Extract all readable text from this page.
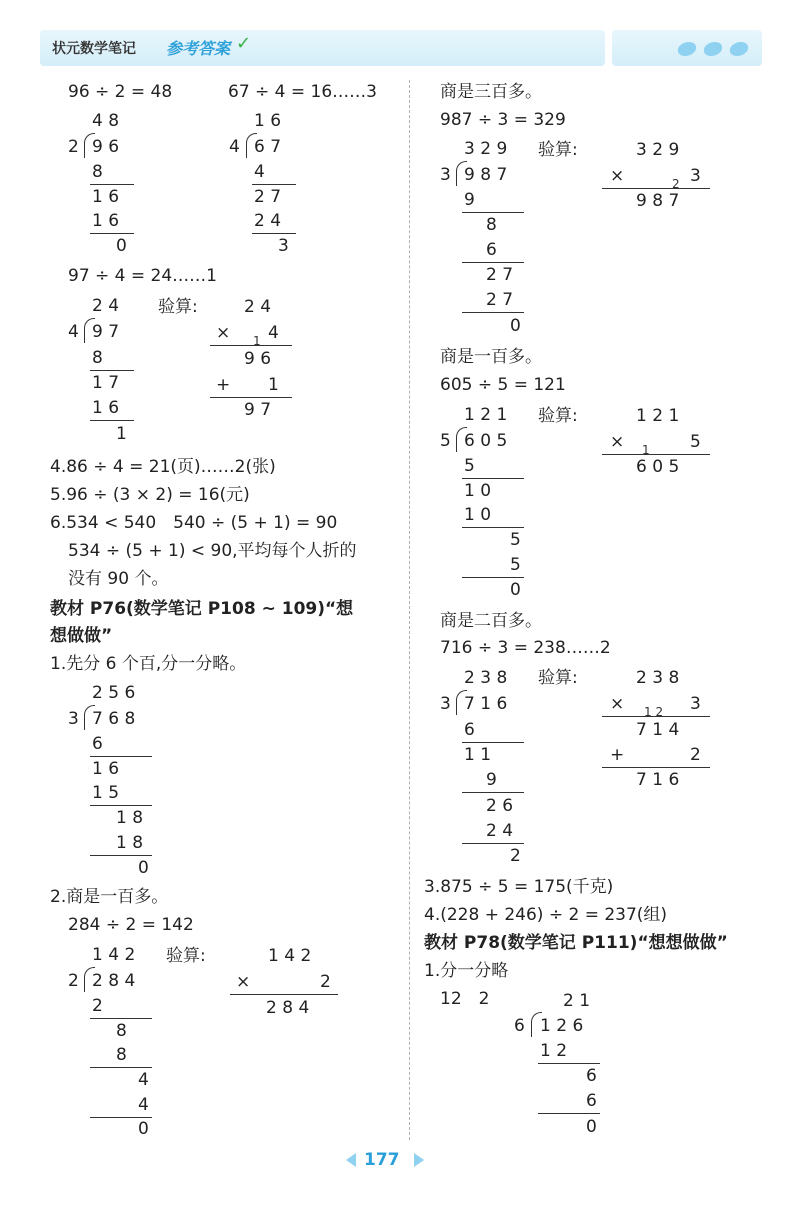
状元数学笔记 参考答案 ✓
96 ÷ 2 = 48	67 ÷ 4 = 16……3
4 8
2 9 6
8
1 6
1 6
0
1 6
4 6 7
4
2 7
2 4
3
97 ÷ 4 = 24……1
2 4
4 9 7
8
1 7
1 6
1
验算:	2 4
× 1 4
9 6
+ 1
9 7
4.86 ÷ 4 = 21(页)……2(张)
5.96 ÷ (3 × 2) = 16(元)
6.534 < 540　540 ÷ (5 + 1) = 90
534 ÷ (5 + 1) < 90,平均每个人折的
没有 90 个。
教材 P76(数学笔记 P108 ~ 109)“想
想做做”
1.先分 6 个百,分一分略。
2 5 6
3 7 6 8
6
1 6
1 5
1 8
1 8
0
2.商是一百多。
284 ÷ 2 = 142
1 4 2
2 2 8 4
2
8
8
4
4
0
验算:	1 4 2
×	2
2 8 4
商是三百多。
987 ÷ 3 = 329
3 2 9
3 9 8 7
9
8
6
2 7
2 7
0
验算:	3 2 9
×	2 3
9 8 7
商是一百多。
605 ÷ 5 = 121
1 2 1
5 6 0 5
5
1 0
1 0
5
5
0
验算:	1 2 1
× 1 5
6 0 5
商是二百多。
716 ÷ 3 = 238……2
2 3 8
3 7 1 6
6
1 1
9
2 6
2 4
2
验算:	2 3 8
× 1 2 3
7 1 4
+	2
7 1 6
3.875 ÷ 5 = 175(千克)
4.(228 + 246) ÷ 2 = 237(组)
教材 P78(数学笔记 P111)“想想做做”
1.分一分略
12　2	2 1
6 1 2 6
1 2
6
6
0
177
